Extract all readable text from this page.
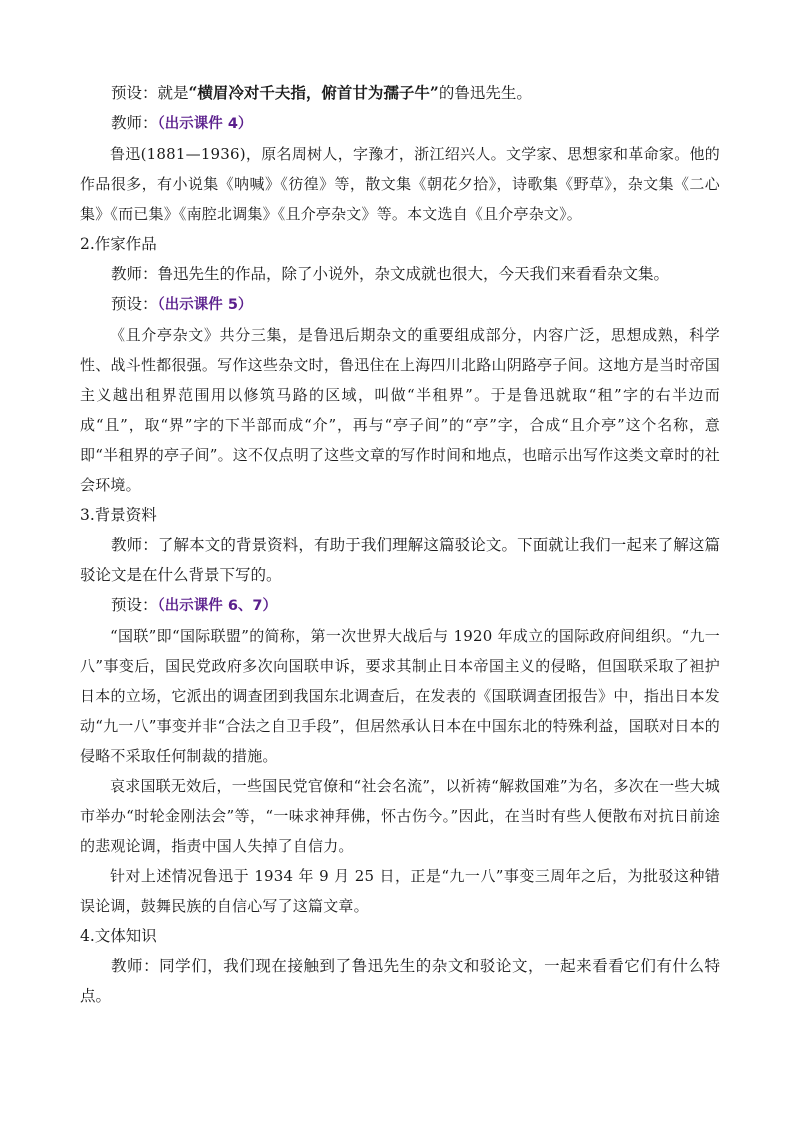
预设：就是“横眉冷对千夫指，俯首甘为孺子牛”的鲁迅先生。

教师：（出示课件 4）

鲁迅(1881—1936)，原名周树人，字豫才，浙江绍兴人。文学家、思想家和革命家。他的作品很多，有小说集《呐喊》《彷徨》等，散文集《朝花夕拾》，诗歌集《野草》，杂文集《二心集》《而已集》《南腔北调集》《且介亭杂文》等。本文选自《且介亭杂文》。

2.作家作品

教师：鲁迅先生的作品，除了小说外，杂文成就也很大，今天我们来看看杂文集。

预设：（出示课件 5）

《且介亭杂文》共分三集，是鲁迅后期杂文的重要组成部分，内容广泛，思想成熟，科学性、战斗性都很强。写作这些杂文时，鲁迅住在上海四川北路山阴路亭子间。这地方是当时帝国主义越出租界范围用以修筑马路的区域，叫做“半租界”。于是鲁迅就取“租”字的右半边而成“且”，取“界”字的下半部而成“介”，再与“亭子间”的“亭”字，合成“且介亭”这个名称，意即“半租界的亭子间”。这不仅点明了这些文章的写作时间和地点，也暗示出写作这类文章时的社会环境。

3.背景资料

教师：了解本文的背景资料，有助于我们理解这篇驳论文。下面就让我们一起来了解这篇驳论文是在什么背景下写的。

预设：（出示课件 6、7）

“国联”即“国际联盟”的简称，第一次世界大战后与 1920 年成立的国际政府间组织。“九一八”事变后，国民党政府多次向国联申诉，要求其制止日本帝国主义的侵略，但国联采取了袒护日本的立场，它派出的调查团到我国东北调查后，在发表的《国联调查团报告》中，指出日本发动“九一八”事变并非“合法之自卫手段”，但居然承认日本在中国东北的特殊利益，国联对日本的侵略不采取任何制裁的措施。

哀求国联无效后，一些国民党官僚和“社会名流”，以祈祷“解救国难”为名，多次在一些大城市举办“时轮金刚法会”等，“一味求神拜佛，怀古伤今。”因此，在当时有些人便散布对抗日前途的悲观论调，指责中国人失掉了自信力。

针对上述情况鲁迅于 1934 年 9 月 25 日，正是“九一八”事变三周年之后，为批驳这种错误论调，鼓舞民族的自信心写了这篇文章。

4.文体知识

教师：同学们，我们现在接触到了鲁迅先生的杂文和驳论文，一起来看看它们有什么特点。
